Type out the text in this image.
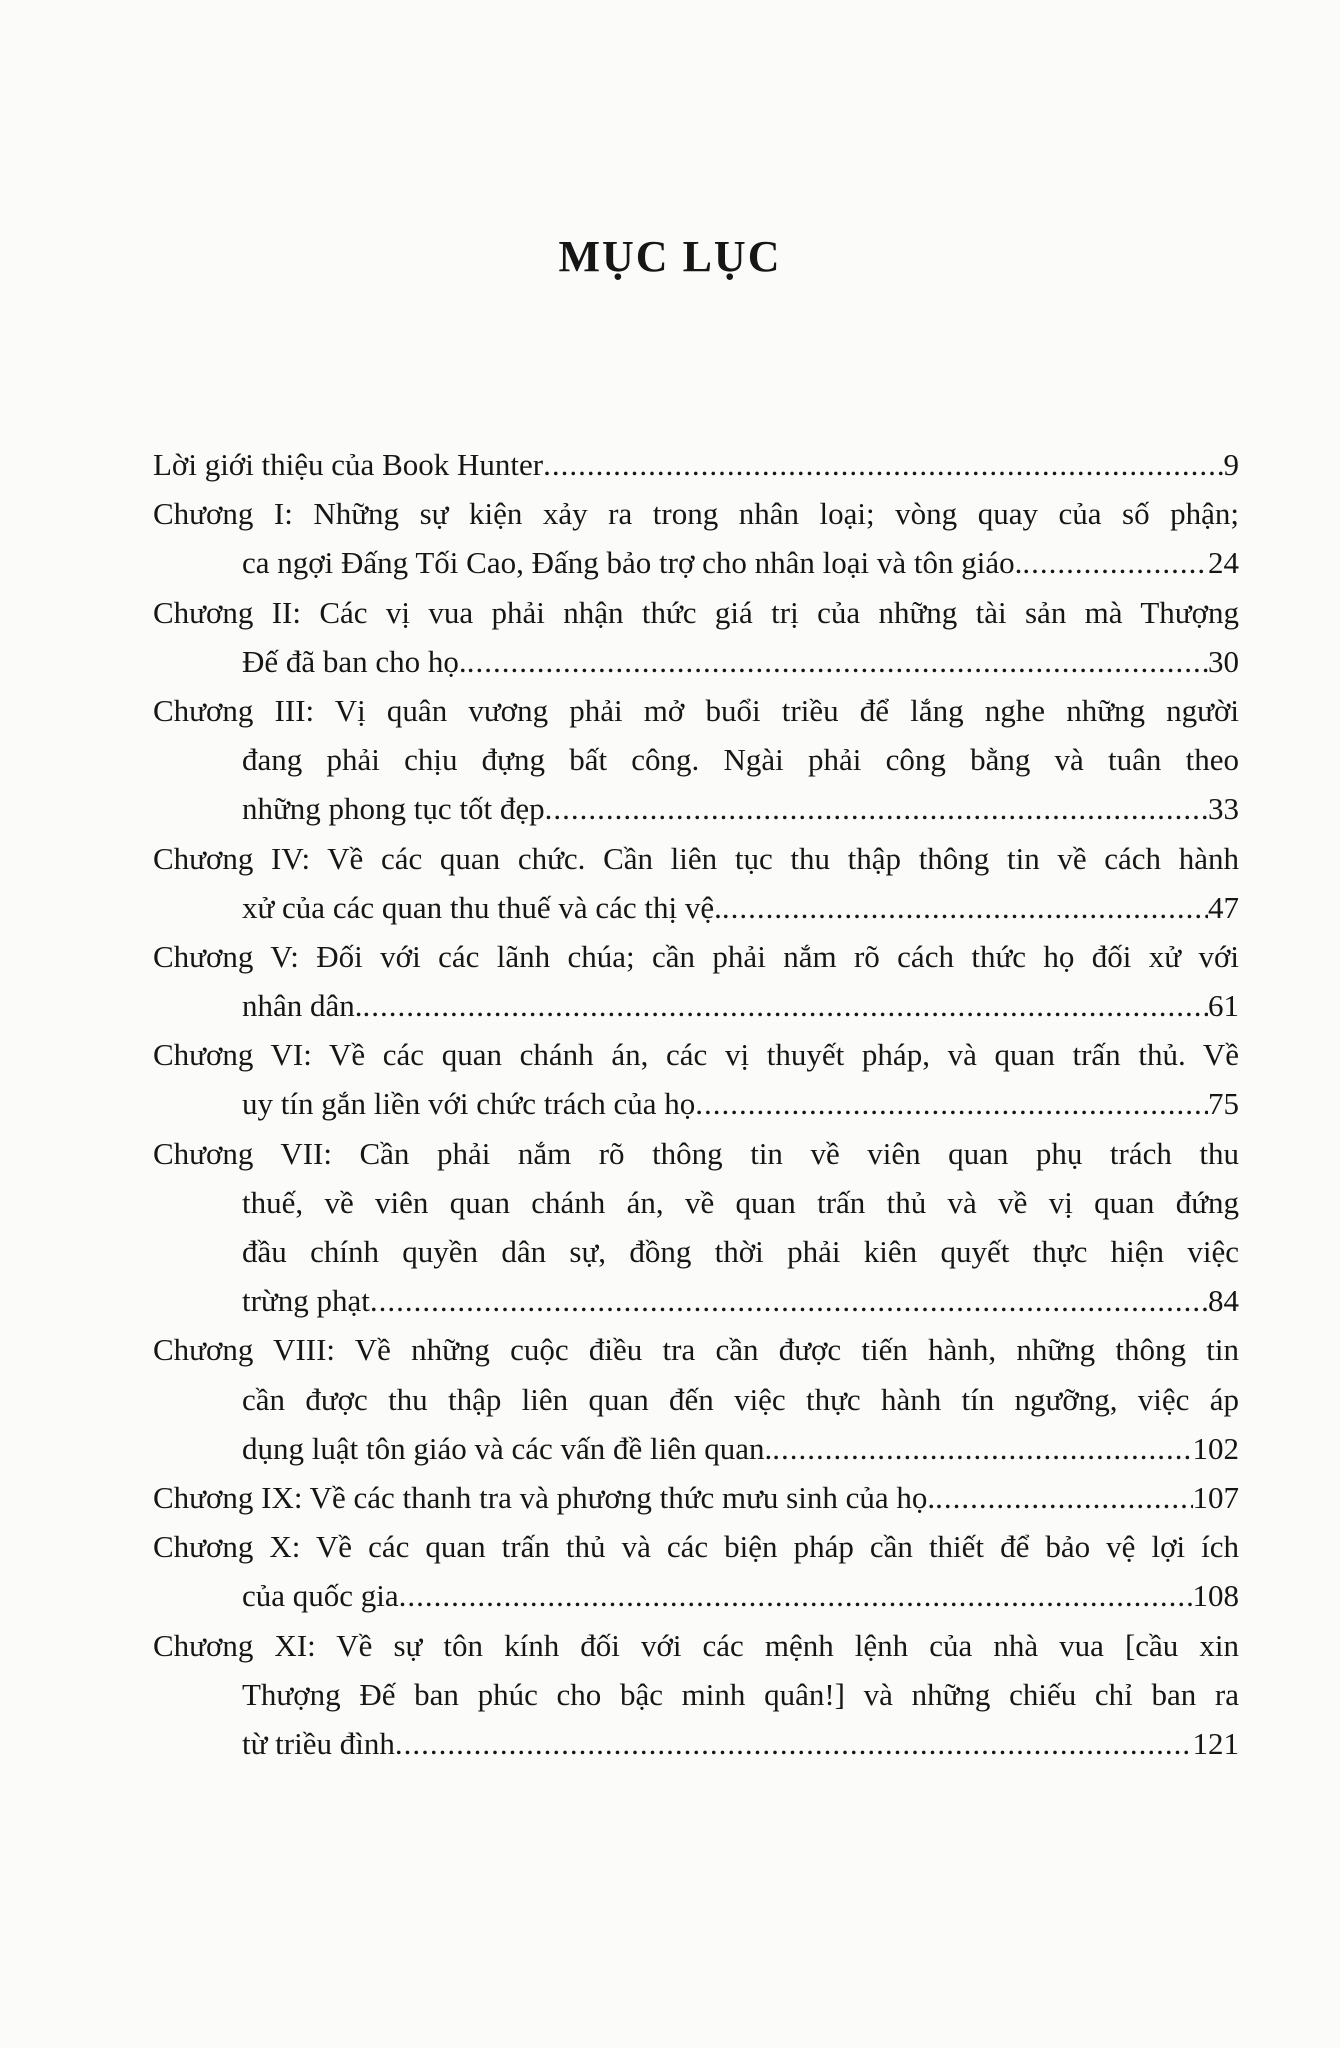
MỤC LỤC
Lời giới thiệu của Book Hunter .....	9
Chương I: Những sự kiện xảy ra trong nhân loại; vòng quay của số phận;
ca ngợi Đấng Tối Cao, Đấng bảo trợ cho nhân loại và tôn giáo. .....	24
Chương II: Các vị vua phải nhận thức giá trị của những tài sản mà Thượng
Đế đã ban cho họ. .....	30
Chương III: Vị quân vương phải mở buổi triều để lắng nghe những người
đang phải chịu đựng bất công. Ngài phải công bằng và tuân theo
những phong tục tốt đẹp .....	33
Chương IV: Về các quan chức. Cần liên tục thu thập thông tin về cách hành
xử của các quan thu thuế và các thị vệ. .....	47
Chương V: Đối với các lãnh chúa; cần phải nắm rõ cách thức họ đối xử với
nhân dân. .....	61
Chương VI: Về các quan chánh án, các vị thuyết pháp, và quan trấn thủ. Về
uy tín gắn liền với chức trách của họ .....	75
Chương VII: Cần phải nắm rõ thông tin về viên quan phụ trách thu
thuế, về viên quan chánh án, về quan trấn thủ và về vị quan đứng
đầu chính quyền dân sự, đồng thời phải kiên quyết thực hiện việc
trừng phạt .....	84
Chương VIII: Về những cuộc điều tra cần được tiến hành, những thông tin
cần được thu thập liên quan đến việc thực hành tín ngưỡng, việc áp
dụng luật tôn giáo và các vấn đề liên quan. .....	102
Chương IX: Về các thanh tra và phương thức mưu sinh của họ. .....	107
Chương X: Về các quan trấn thủ và các biện pháp cần thiết để bảo vệ lợi ích
của quốc gia .....	108
Chương XI: Về sự tôn kính đối với các mệnh lệnh của nhà vua [cầu xin
Thượng Đế ban phúc cho bậc minh quân!] và những chiếu chỉ ban ra
từ triều đình .....	121
